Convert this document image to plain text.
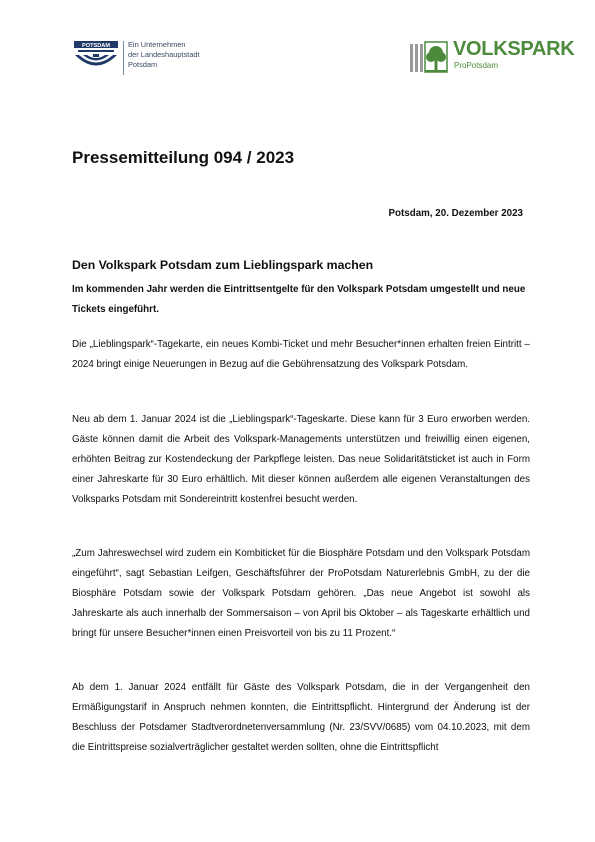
POTSDAM Ein Unternehmen
der Landeshauptstadt
Potsdam
VOLKSPARK
ProPotsdam
Pressemitteilung 094 / 2023
Potsdam, 20. Dezember 2023
Den Volkspark Potsdam zum Lieblingspark machen

Im kommenden Jahr werden die Eintrittsentgelte für den Volkspark Potsdam umgestellt und neue Tickets eingeführt.

Die „Lieblingspark“-Tagekarte, ein neues Kombi-Ticket und mehr Besucher*innen erhalten freien Eintritt – 2024 bringt einige Neuerungen in Bezug auf die Gebührensatzung des Volkspark Potsdam.

Neu ab dem 1. Januar 2024 ist die „Lieblingspark“-Tageskarte. Diese kann für 3 Euro erworben werden. Gäste können damit die Arbeit des Volkspark-Managements unterstützen und freiwillig einen eigenen, erhöhten Beitrag zur Kostendeckung der Parkpflege leisten. Das neue Solidaritätsticket ist auch in Form einer Jahreskarte für 30 Euro erhältlich. Mit dieser können außerdem alle eigenen Veranstaltungen des Volksparks Potsdam mit Sondereintritt kostenfrei besucht werden.

„Zum Jahreswechsel wird zudem ein Kombiticket für die Biosphäre Potsdam und den Volkspark Potsdam eingeführt“, sagt Sebastian Leifgen, Geschäftsführer der ProPotsdam Naturerlebnis GmbH, zu der die Biosphäre Potsdam sowie der Volkspark Potsdam gehören. „Das neue Angebot ist sowohl als Jahreskarte als auch innerhalb der Sommersaison – von April bis Oktober – als Tageskarte erhältlich und bringt für unsere Besucher*innen einen Preisvorteil von bis zu 11 Prozent.“

Ab dem 1. Januar 2024 entfällt für Gäste des Volkspark Potsdam, die in der Vergangenheit den Ermäßigungstarif in Anspruch nehmen konnten, die Eintrittspflicht. Hintergrund der Änderung ist der Beschluss der Potsdamer Stadtverordnetenversammlung (Nr. 23/SVV/0685) vom 04.10.2023, mit dem die Eintrittspreise sozialverträglicher gestaltet werden sollten, ohne die Eintrittspflicht
